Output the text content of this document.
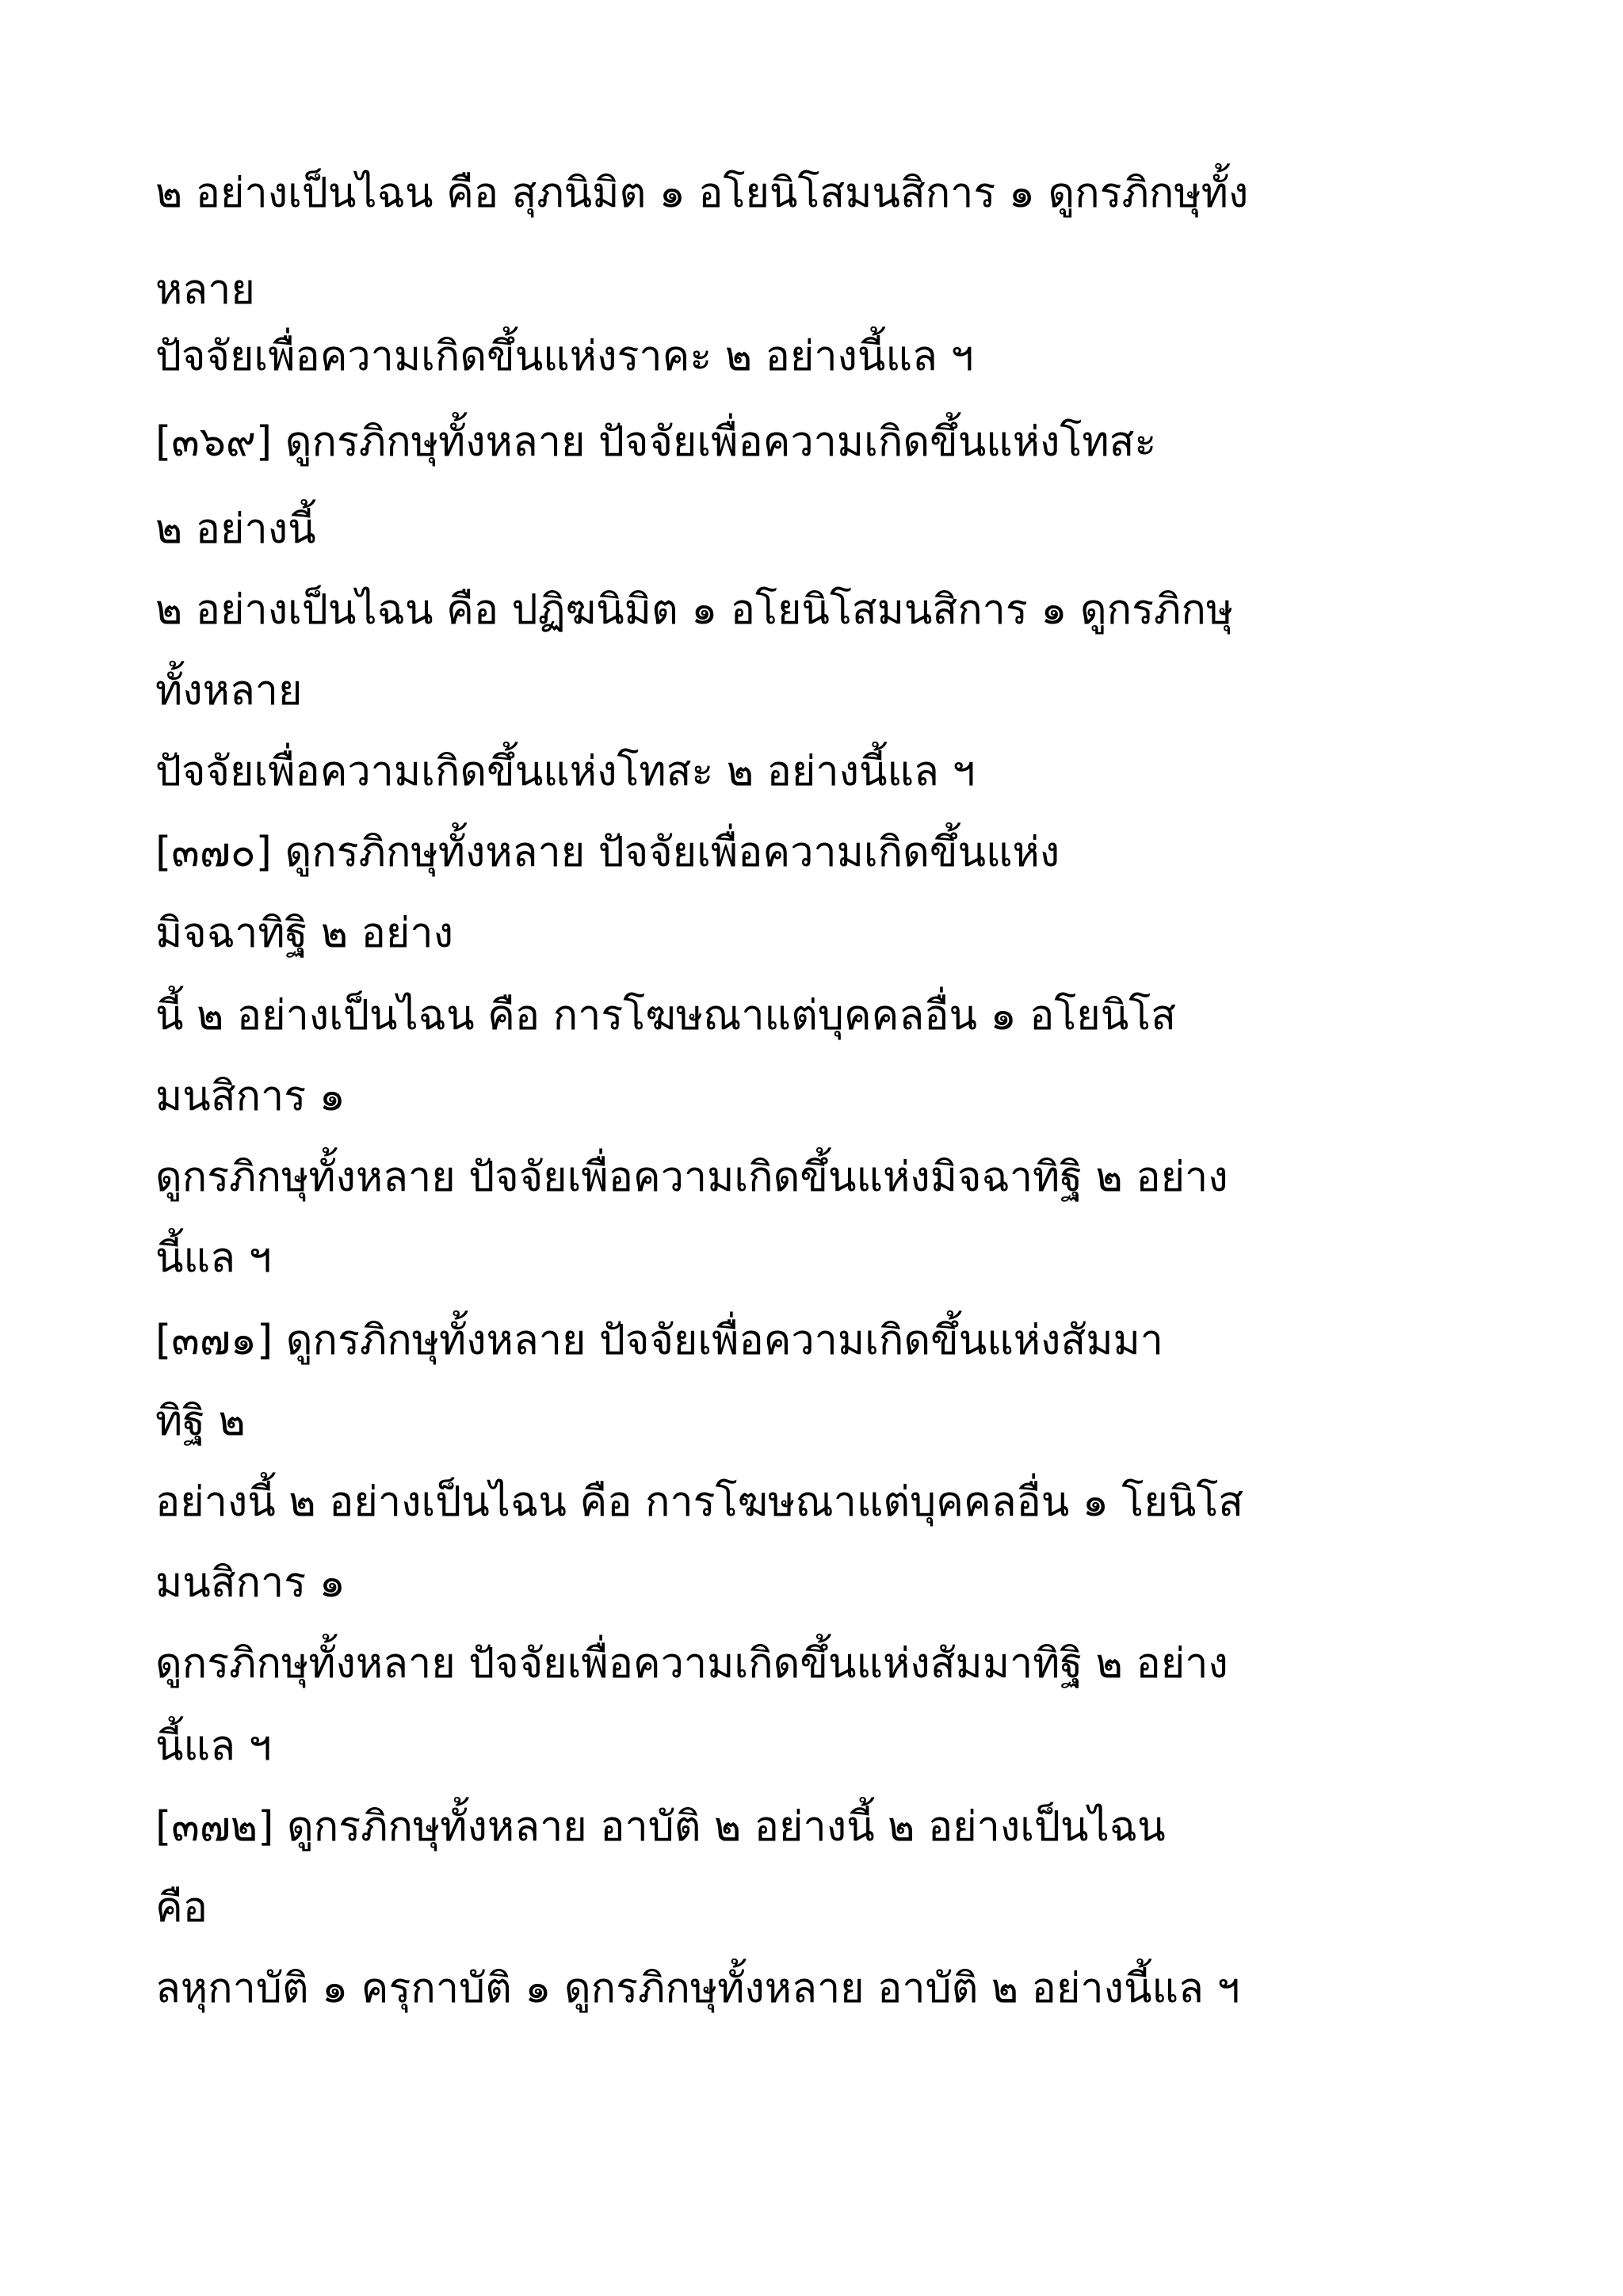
๒ อย่างเป็นไฉน คือ สุภนิมิต ๑ อโยนิโสมนสิการ ๑ ดูกรภิกษุทั้ง
หลาย
ปัจจัยเพื่อความเกิดขึ้นแห่งราคะ ๒ อย่างนี้แล ฯ
[๓๖๙] ดูกรภิกษุทั้งหลาย ปัจจัยเพื่อความเกิดขึ้นแห่งโทสะ
๒ อย่างนี้
๒ อย่างเป็นไฉน คือ ปฏิฆนิมิต ๑ อโยนิโสมนสิการ ๑ ดูกรภิกษุ
ทั้งหลาย
ปัจจัยเพื่อความเกิดขึ้นแห่งโทสะ ๒ อย่างนี้แล ฯ
[๓๗๐] ดูกรภิกษุทั้งหลาย ปัจจัยเพื่อความเกิดขึ้นแห่ง
มิจฉาทิฐิ ๒ อย่าง
นี้ ๒ อย่างเป็นไฉน คือ การโฆษณาแต่บุคคลอื่น ๑ อโยนิโส
มนสิการ ๑
ดูกรภิกษุทั้งหลาย ปัจจัยเพื่อความเกิดขึ้นแห่งมิจฉาทิฐิ ๒ อย่าง
นี้แล ฯ
[๓๗๑] ดูกรภิกษุทั้งหลาย ปัจจัยเพื่อความเกิดขึ้นแห่งสัมมา
ทิฐิ ๒
อย่างนี้ ๒ อย่างเป็นไฉน คือ การโฆษณาแต่บุคคลอื่น ๑ โยนิโส
มนสิการ ๑
ดูกรภิกษุทั้งหลาย ปัจจัยเพื่อความเกิดขึ้นแห่งสัมมาทิฐิ ๒ อย่าง
นี้แล ฯ
[๓๗๒] ดูกรภิกษุทั้งหลาย อาบัติ ๒ อย่างนี้ ๒ อย่างเป็นไฉน
คือ
ลหุกาบัติ ๑ ครุกาบัติ ๑ ดูกรภิกษุทั้งหลาย อาบัติ ๒ อย่างนี้แล ฯ
